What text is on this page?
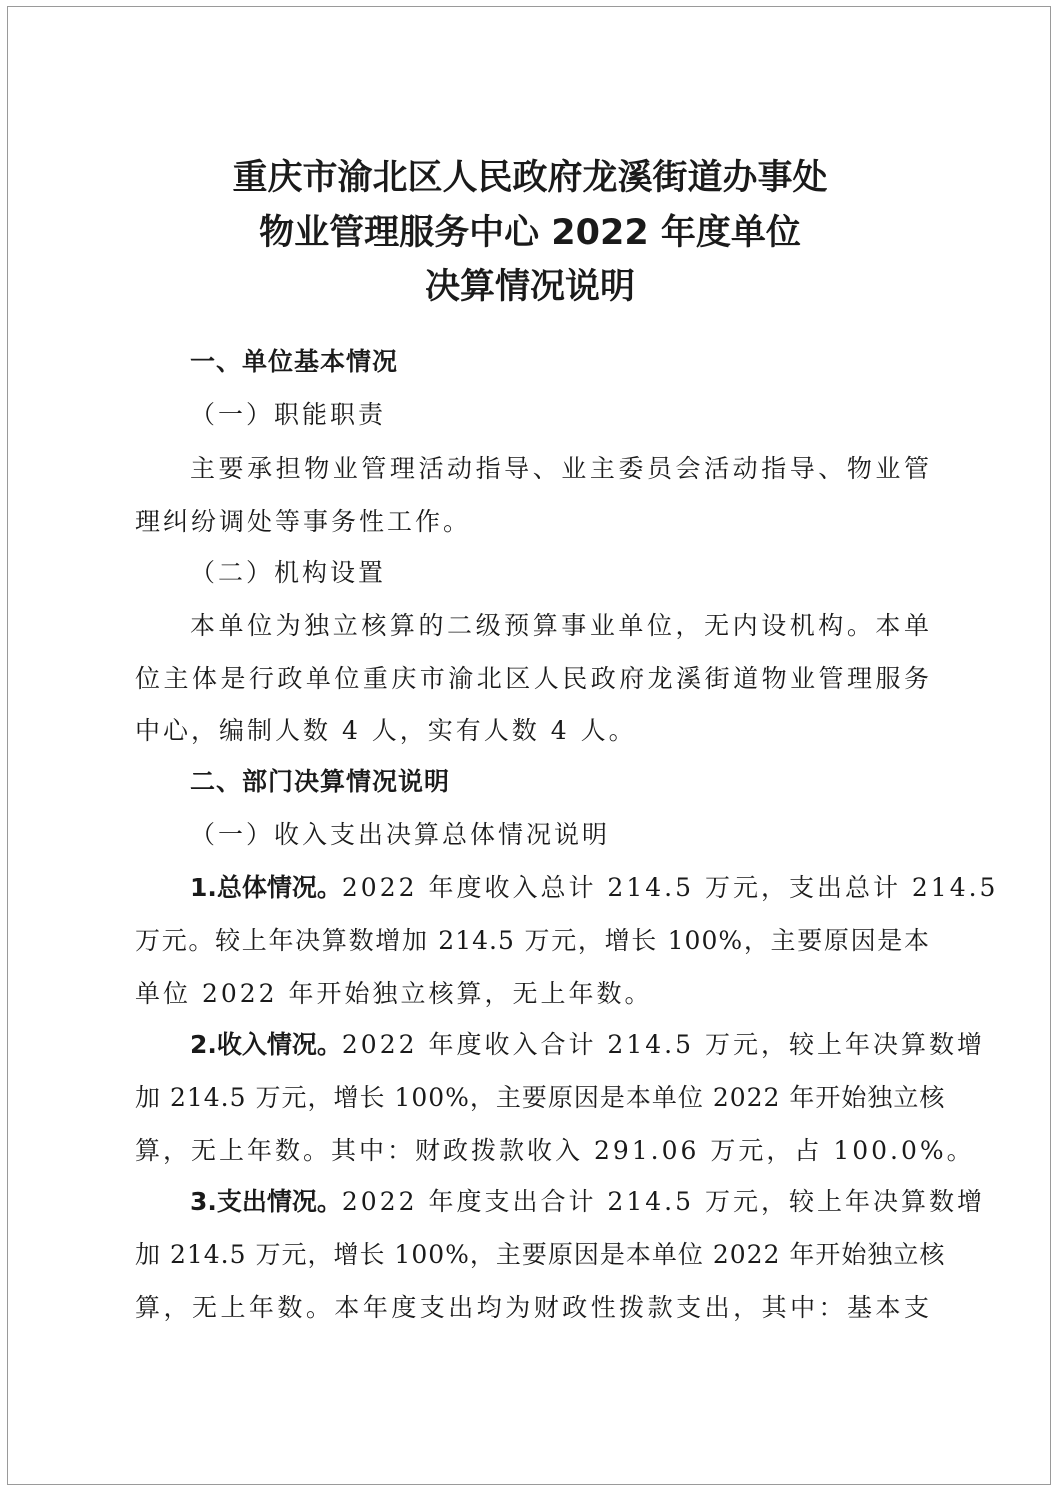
重庆市渝北区人民政府龙溪街道办事处
物业管理服务中心 2022 年度单位
决算情况说明
一、单位基本情况
（一）职能职责
主要承担物业管理活动指导、业主委员会活动指导、物业管
理纠纷调处等事务性工作。
（二）机构设置
本单位为独立核算的二级预算事业单位，无内设机构。本单
位主体是行政单位重庆市渝北区人民政府龙溪街道物业管理服务
中心，编制人数 4 人，实有人数 4 人。
二、部门决算情况说明
（一）收入支出决算总体情况说明
1.总体情况。2022 年度收入总计 214.5 万元，支出总计 214.5
万元。较上年决算数增加 214.5 万元，增长 100%，主要原因是本
单位 2022 年开始独立核算，无上年数。
2.收入情况。2022 年度收入合计 214.5 万元，较上年决算数增
加 214.5 万元，增长 100%，主要原因是本单位 2022 年开始独立核
算，无上年数。其中：财政拨款收入 291.06 万元，占 100.0%。
3.支出情况。2022 年度支出合计 214.5 万元，较上年决算数增
加 214.5 万元，增长 100%，主要原因是本单位 2022 年开始独立核
算，无上年数。本年度支出均为财政性拨款支出，其中：基本支
